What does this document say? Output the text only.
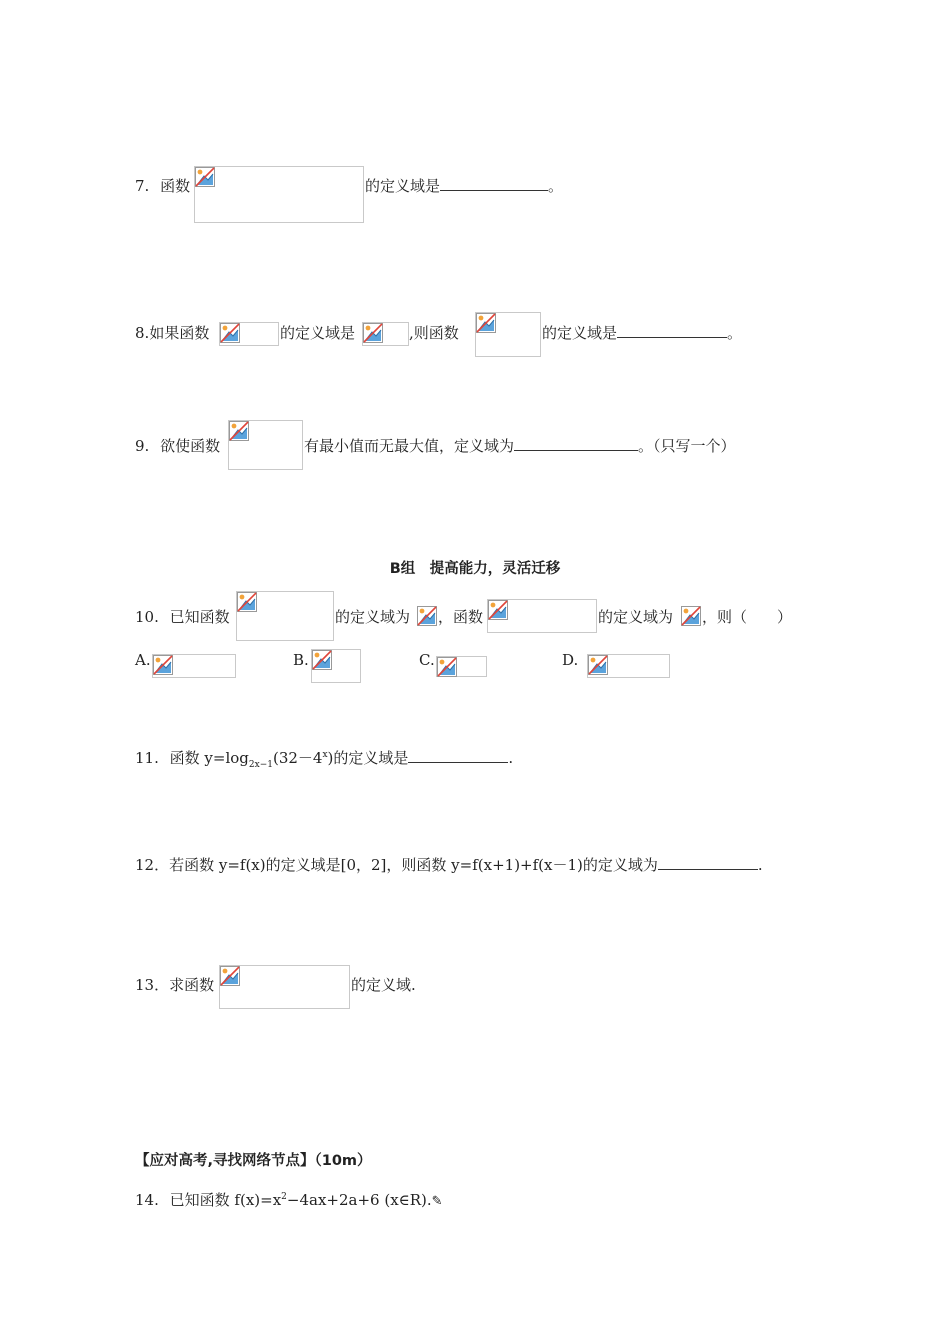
7. 函数	的定义域是	。
8.如果函数	的定义域是	,则函数	的定义域是	。
9. 欲使函数	有最小值而无最大值，定义域为	。（只写一个）
B组　提高能力，灵活迁移
10. 已知函数	的定义域为 ，函数	的定义域为 ，则（　　）
A.	B.	C.	D.
11. 函数 $y=\log_{2x-1}(32-4^x)$的定义域是	.
12．若函数 y=f(x)的定义域是[0，2]，则函数 y=f(x+1)+f(x－1)的定义域为	.
13．求函数	的定义域.
【应对高考,寻找网络节点】（10m）
14. 已知函数 $f(x)=x^2-4ax+2a+6$ (x∈R).✎
